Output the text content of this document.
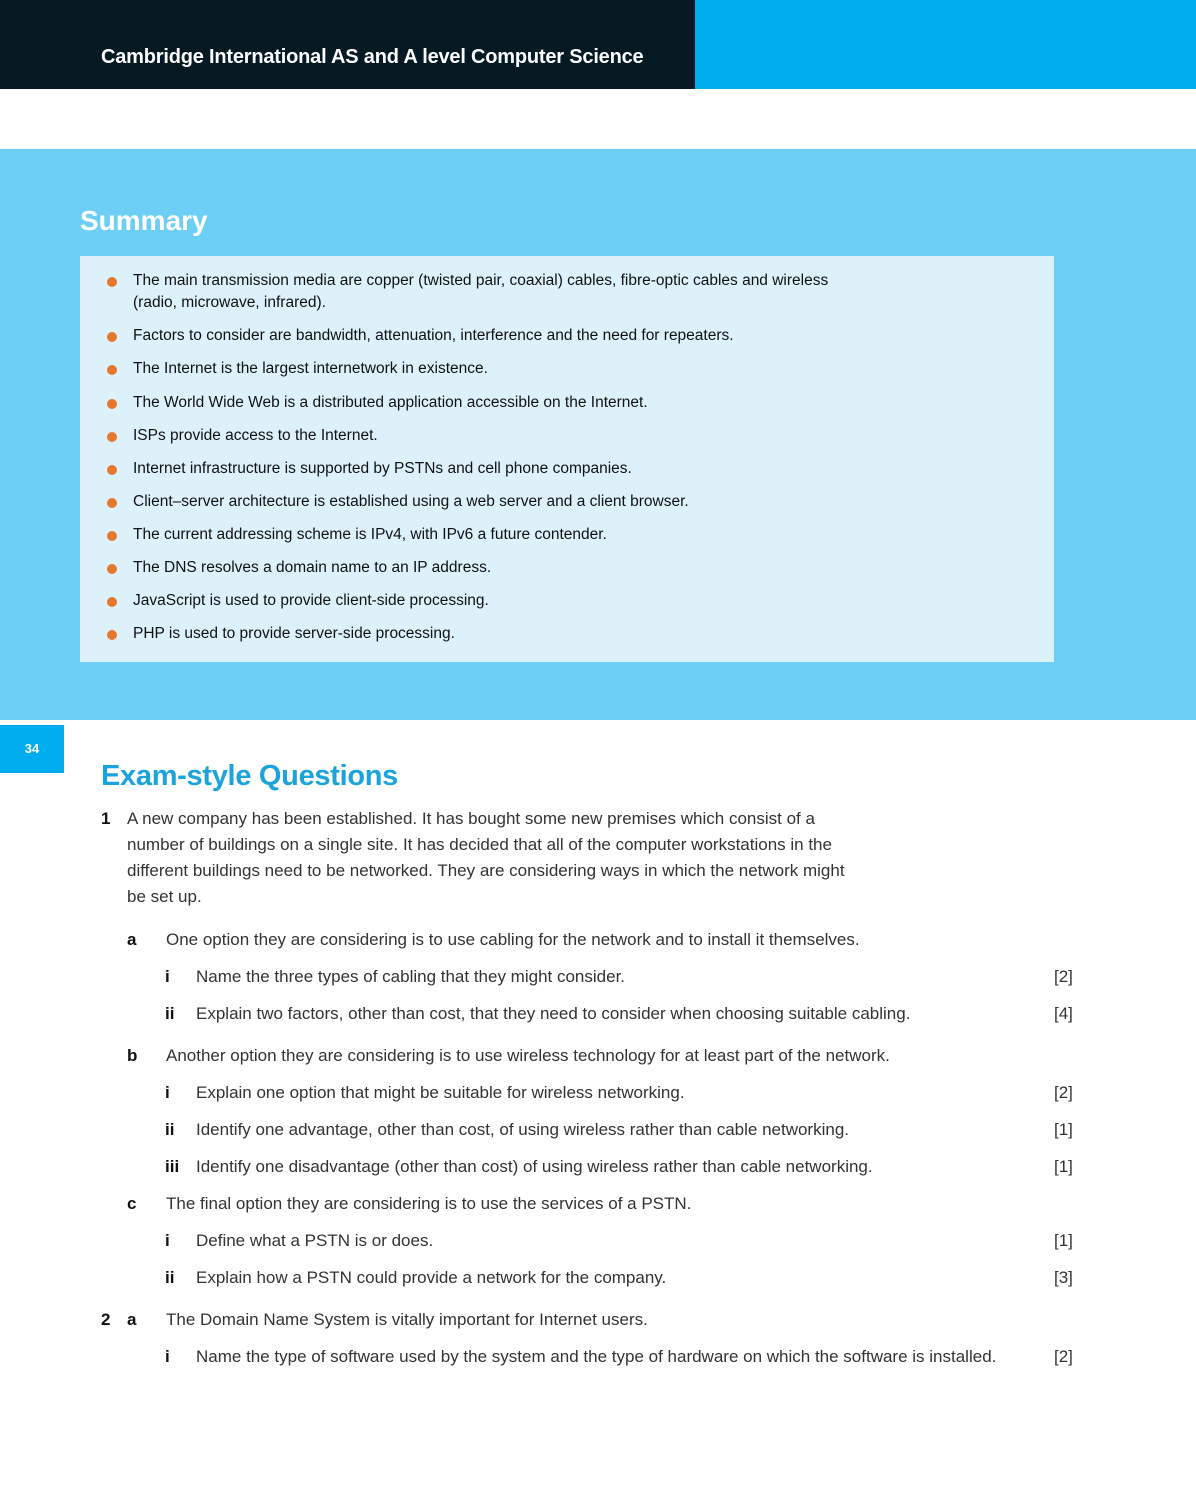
Cambridge International AS and A level Computer Science
Summary
The main transmission media are copper (twisted pair, coaxial) cables, fibre-optic cables and wireless (radio, microwave, infrared).
Factors to consider are bandwidth, attenuation, interference and the need for repeaters.
The Internet is the largest internetwork in existence.
The World Wide Web is a distributed application accessible on the Internet.
ISPs provide access to the Internet.
Internet infrastructure is supported by PSTNs and cell phone companies.
Client–server architecture is established using a web server and a client browser.
The current addressing scheme is IPv4, with IPv6 a future contender.
The DNS resolves a domain name to an IP address.
JavaScript is used to provide client-side processing.
PHP is used to provide server-side processing.
34
Exam-style Questions
1 A new company has been established. It has bought some new premises which consist of a number of buildings on a single site. It has decided that all of the computer workstations in the different buildings need to be networked. They are considering ways in which the network might be set up.
a One option they are considering is to use cabling for the network and to install it themselves.
i Name the three types of cabling that they might consider.	[2]
ii Explain two factors, other than cost, that they need to consider when choosing suitable cabling.	[4]
b Another option they are considering is to use wireless technology for at least part of the network.
i Explain one option that might be suitable for wireless networking.	[2]
ii Identify one advantage, other than cost, of using wireless rather than cable networking.	[1]
iii Identify one disadvantage (other than cost) of using wireless rather than cable networking.	[1]
c The final option they are considering is to use the services of a PSTN.
i Define what a PSTN is or does.	[1]
ii Explain how a PSTN could provide a network for the company.	[3]
2 a The Domain Name System is vitally important for Internet users.
i Name the type of software used by the system and the type of hardware on which the software is installed.	[2]
